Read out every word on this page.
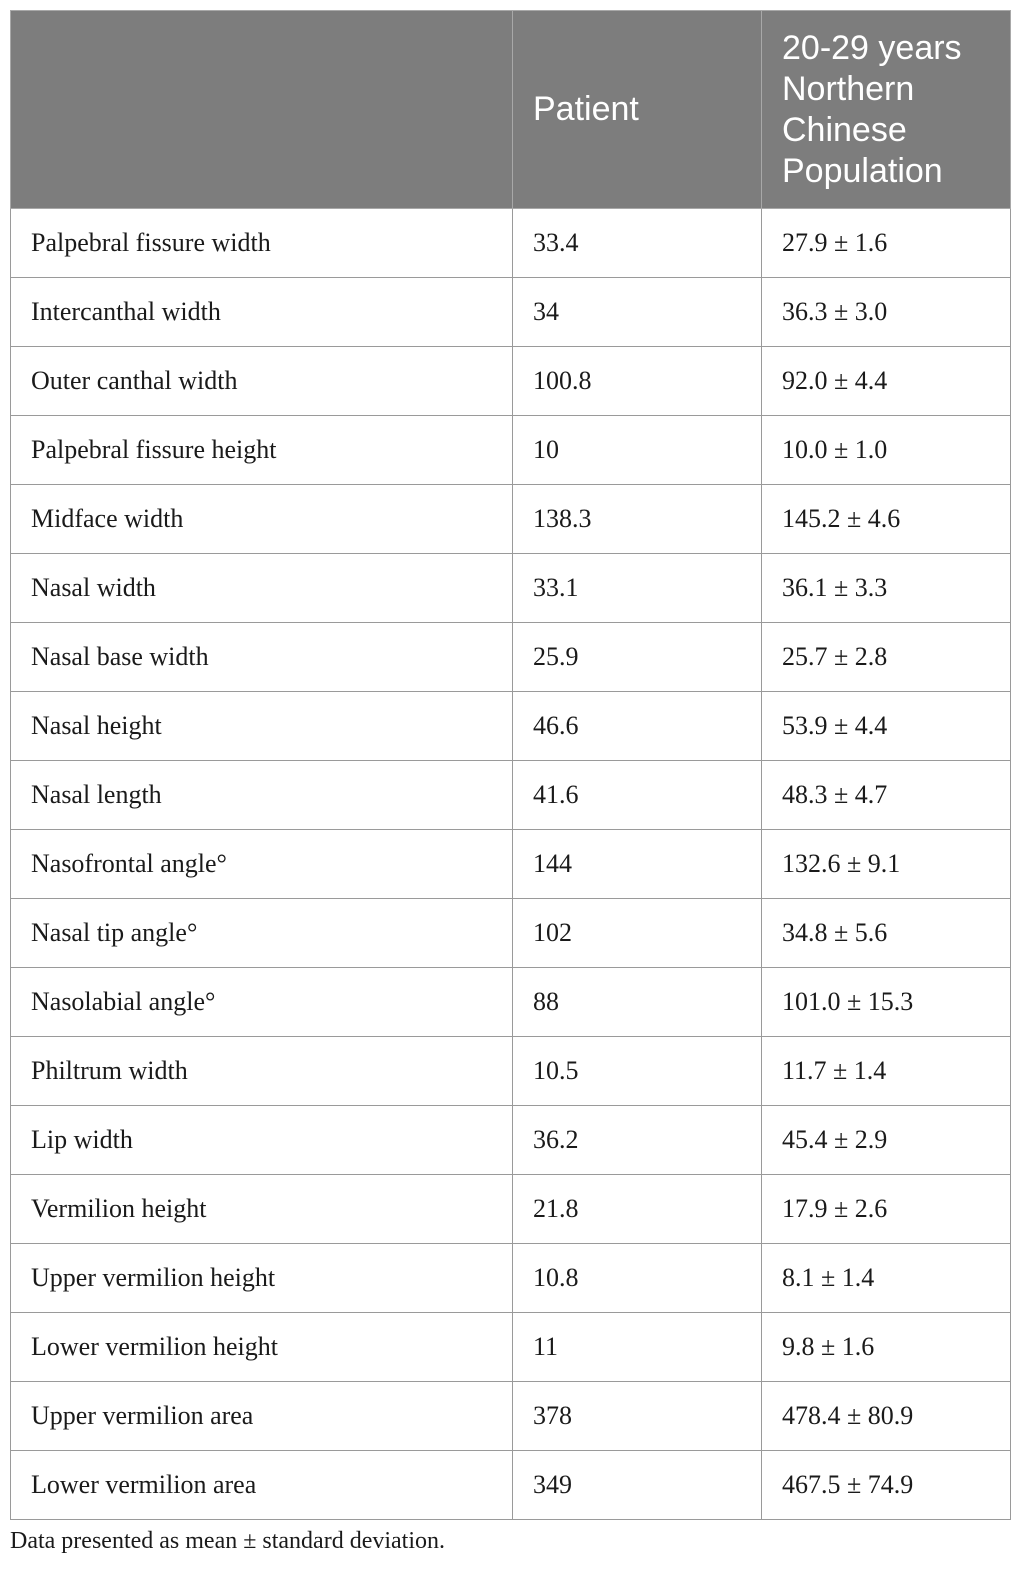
	Patient	20-29 years
Northern
Chinese
Population
Palpebral fissure width	33.4	27.9 ± 1.6
Intercanthal width	34	36.3 ± 3.0
Outer canthal width	100.8	92.0 ± 4.4
Palpebral fissure height	10	10.0 ± 1.0
Midface width	138.3	145.2 ± 4.6
Nasal width	33.1	36.1 ± 3.3
Nasal base width	25.9	25.7 ± 2.8
Nasal height	46.6	53.9 ± 4.4
Nasal length	41.6	48.3 ± 4.7
Nasofrontal angle°	144	132.6 ± 9.1
Nasal tip angle°	102	34.8 ± 5.6
Nasolabial angle°	88	101.0 ± 15.3
Philtrum width	10.5	11.7 ± 1.4
Lip width	36.2	45.4 ± 2.9
Vermilion height	21.8	17.9 ± 2.6
Upper vermilion height	10.8	8.1 ± 1.4
Lower vermilion height	11	9.8 ± 1.6
Upper vermilion area	378	478.4 ± 80.9
Lower vermilion area	349	467.5 ± 74.9
Data presented as mean ± standard deviation.
